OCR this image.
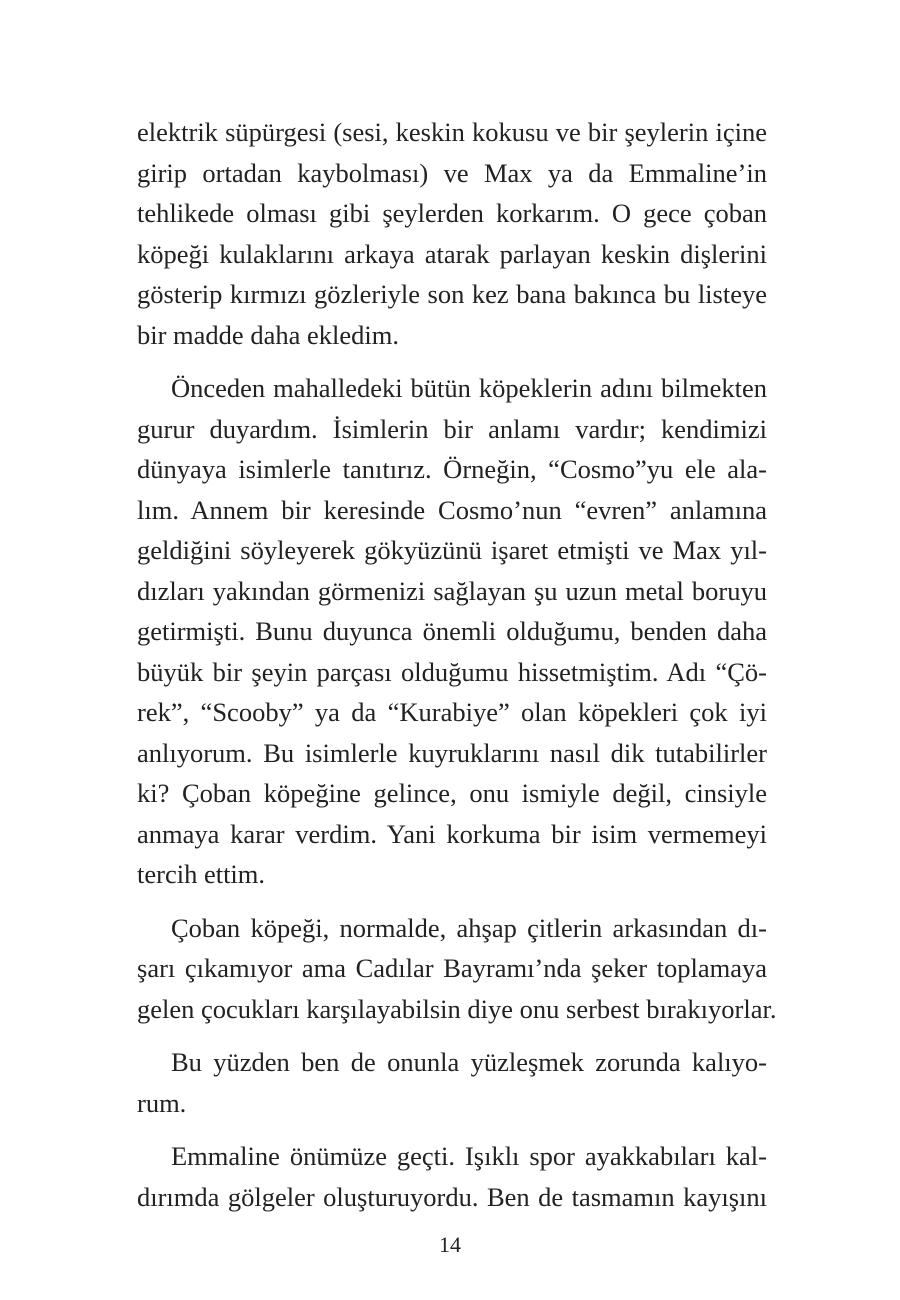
elektrik süpürgesi (sesi, keskin kokusu ve bir şeylerin içine
girip ortadan kaybolması) ve Max ya da Emmaline’in
tehlikede olması gibi şeylerden korkarım. O gece çoban
köpeği kulaklarını arkaya atarak parlayan keskin dişlerini
gösterip kırmızı gözleriyle son kez bana bakınca bu listeye
bir madde daha ekledim.
Önceden mahalledeki bütün köpeklerin adını bilmekten
gurur duyardım. İsimlerin bir anlamı vardır; kendimizi
dünyaya isimlerle tanıtırız. Örneğin, “Cosmo”yu ele ala-
lım. Annem bir keresinde Cosmo’nun “evren” anlamına
geldiğini söyleyerek gökyüzünü işaret etmişti ve Max yıl-
dızları yakından görmenizi sağlayan şu uzun metal boruyu
getirmişti. Bunu duyunca önemli olduğumu, benden daha
büyük bir şeyin parçası olduğumu hissetmiştim. Adı “Çö-
rek”, “Scooby” ya da “Kurabiye” olan köpekleri çok iyi
anlıyorum. Bu isimlerle kuyruklarını nasıl dik tutabilirler
ki? Çoban köpeğine gelince, onu ismiyle değil, cinsiyle
anmaya karar verdim. Yani korkuma bir isim vermemeyi
tercih ettim.
Çoban köpeği, normalde, ahşap çitlerin arkasından dı-
şarı çıkamıyor ama Cadılar Bayramı’nda şeker toplamaya
gelen çocukları karşılayabilsin diye onu serbest bırakıyorlar.
Bu yüzden ben de onunla yüzleşmek zorunda kalıyo-
rum.
Emmaline önümüze geçti. Işıklı spor ayakkabıları kal-
dırımda gölgeler oluşturuyordu. Ben de tasmamın kayışını
14
